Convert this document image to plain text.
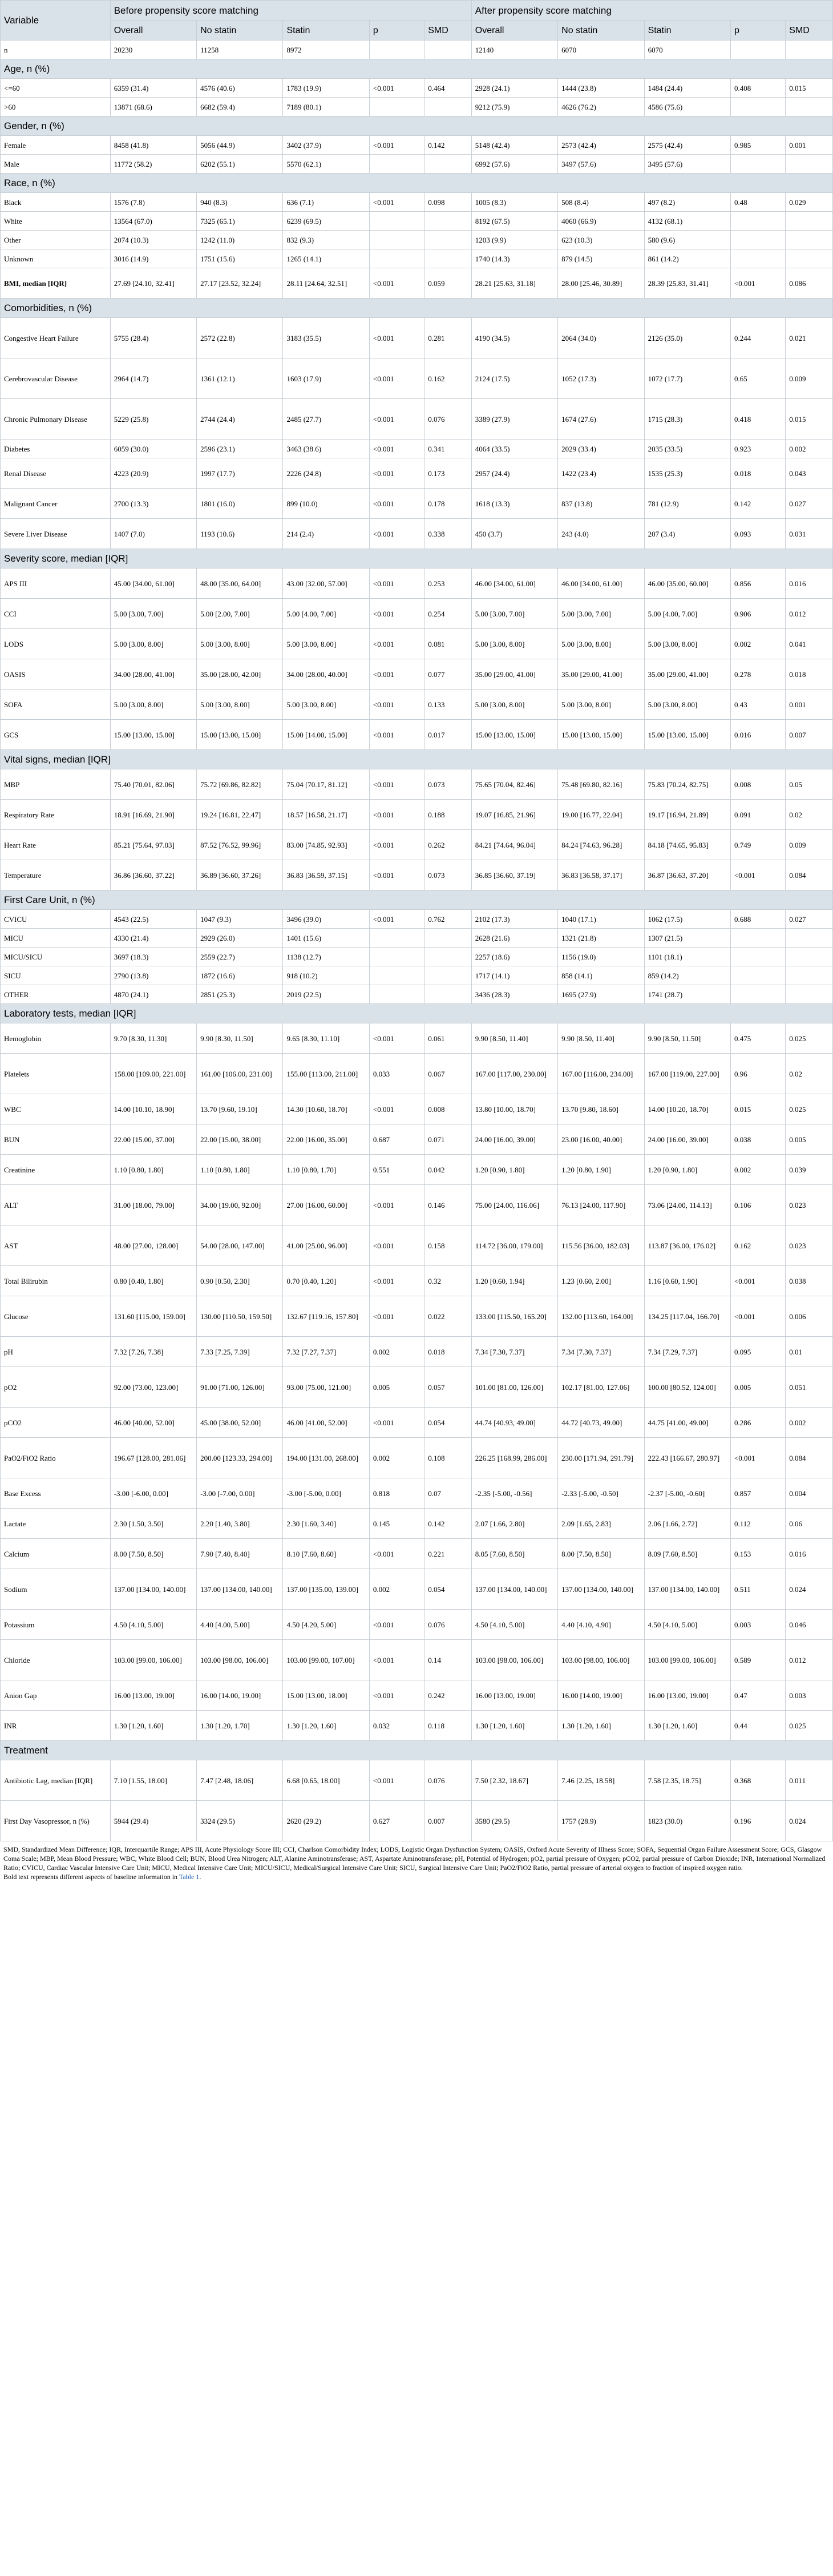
Variable	Before propensity score matching					After propensity score matching				
	Overall	No statin	Statin	p	SMD	Overall	No statin	Statin	p	SMD
n	20230	11258	8972			12140	6070	6070		
Age, n (%)										
<=60	6359 (31.4)	4576 (40.6)	1783 (19.9)	<0.001	0.464	2928 (24.1)	1444 (23.8)	1484 (24.4)	0.408	0.015
>60	13871 (68.6)	6682 (59.4)	7189 (80.1)			9212 (75.9)	4626 (76.2)	4586 (75.6)		
Gender, n (%)										
Female	8458 (41.8)	5056 (44.9)	3402 (37.9)	<0.001	0.142	5148 (42.4)	2573 (42.4)	2575 (42.4)	0.985	0.001
Male	11772 (58.2)	6202 (55.1)	5570 (62.1)			6992 (57.6)	3497 (57.6)	3495 (57.6)		
Race, n (%)										
Black	1576 (7.8)	940 (8.3)	636 (7.1)	<0.001	0.098	1005 (8.3)	508 (8.4)	497 (8.2)	0.48	0.029
White	13564 (67.0)	7325 (65.1)	6239 (69.5)			8192 (67.5)	4060 (66.9)	4132 (68.1)		
Other	2074 (10.3)	1242 (11.0)	832 (9.3)			1203 (9.9)	623 (10.3)	580 (9.6)		
Unknown	3016 (14.9)	1751 (15.6)	1265 (14.1)			1740 (14.3)	879 (14.5)	861 (14.2)		
BMI, median [IQR]	27.69 [24.10, 32.41]	27.17 [23.52, 32.24]	28.11 [24.64, 32.51]	<0.001	0.059	28.21 [25.63, 31.18]	28.00 [25.46, 30.89]	28.39 [25.83, 31.41]	<0.001	0.086
Comorbidities, n (%)										
Congestive Heart Failure	5755 (28.4)	2572 (22.8)	3183 (35.5)	<0.001	0.281	4190 (34.5)	2064 (34.0)	2126 (35.0)	0.244	0.021
Cerebrovascular Disease	2964 (14.7)	1361 (12.1)	1603 (17.9)	<0.001	0.162	2124 (17.5)	1052 (17.3)	1072 (17.7)	0.65	0.009
Chronic Pulmonary Disease	5229 (25.8)	2744 (24.4)	2485 (27.7)	<0.001	0.076	3389 (27.9)	1674 (27.6)	1715 (28.3)	0.418	0.015
Diabetes	6059 (30.0)	2596 (23.1)	3463 (38.6)	<0.001	0.341	4064 (33.5)	2029 (33.4)	2035 (33.5)	0.923	0.002
Renal Disease	4223 (20.9)	1997 (17.7)	2226 (24.8)	<0.001	0.173	2957 (24.4)	1422 (23.4)	1535 (25.3)	0.018	0.043
Malignant Cancer	2700 (13.3)	1801 (16.0)	899 (10.0)	<0.001	0.178	1618 (13.3)	837 (13.8)	781 (12.9)	0.142	0.027
Severe Liver Disease	1407 (7.0)	1193 (10.6)	214 (2.4)	<0.001	0.338	450 (3.7)	243 (4.0)	207 (3.4)	0.093	0.031
Severity score, median [IQR]										
APS III	45.00 [34.00, 61.00]	48.00 [35.00, 64.00]	43.00 [32.00, 57.00]	<0.001	0.253	46.00 [34.00, 61.00]	46.00 [34.00, 61.00]	46.00 [35.00, 60.00]	0.856	0.016
CCI	5.00 [3.00, 7.00]	5.00 [2.00, 7.00]	5.00 [4.00, 7.00]	<0.001	0.254	5.00 [3.00, 7.00]	5.00 [3.00, 7.00]	5.00 [4.00, 7.00]	0.906	0.012
LODS	5.00 [3.00, 8.00]	5.00 [3.00, 8.00]	5.00 [3.00, 8.00]	<0.001	0.081	5.00 [3.00, 8.00]	5.00 [3.00, 8.00]	5.00 [3.00, 8.00]	0.002	0.041
OASIS	34.00 [28.00, 41.00]	35.00 [28.00, 42.00]	34.00 [28.00, 40.00]	<0.001	0.077	35.00 [29.00, 41.00]	35.00 [29.00, 41.00]	35.00 [29.00, 41.00]	0.278	0.018
SOFA	5.00 [3.00, 8.00]	5.00 [3.00, 8.00]	5.00 [3.00, 8.00]	<0.001	0.133	5.00 [3.00, 8.00]	5.00 [3.00, 8.00]	5.00 [3.00, 8.00]	0.43	0.001
GCS	15.00 [13.00, 15.00]	15.00 [13.00, 15.00]	15.00 [14.00, 15.00]	<0.001	0.017	15.00 [13.00, 15.00]	15.00 [13.00, 15.00]	15.00 [13.00, 15.00]	0.016	0.007
Vital signs, median [IQR]										
MBP	75.40 [70.01, 82.06]	75.72 [69.86, 82.82]	75.04 [70.17, 81.12]	<0.001	0.073	75.65 [70.04, 82.46]	75.48 [69.80, 82.16]	75.83 [70.24, 82.75]	0.008	0.05
Respiratory Rate	18.91 [16.69, 21.90]	19.24 [16.81, 22.47]	18.57 [16.58, 21.17]	<0.001	0.188	19.07 [16.85, 21.96]	19.00 [16.77, 22.04]	19.17 [16.94, 21.89]	0.091	0.02
Heart Rate	85.21 [75.64, 97.03]	87.52 [76.52, 99.96]	83.00 [74.85, 92.93]	<0.001	0.262	84.21 [74.64, 96.04]	84.24 [74.63, 96.28]	84.18 [74.65, 95.83]	0.749	0.009
Temperature	36.86 [36.60, 37.22]	36.89 [36.60, 37.26]	36.83 [36.59, 37.15]	<0.001	0.073	36.85 [36.60, 37.19]	36.83 [36.58, 37.17]	36.87 [36.63, 37.20]	<0.001	0.084
First Care Unit, n (%)										
CVICU	4543 (22.5)	1047 (9.3)	3496 (39.0)	<0.001	0.762	2102 (17.3)	1040 (17.1)	1062 (17.5)	0.688	0.027
MICU	4330 (21.4)	2929 (26.0)	1401 (15.6)			2628 (21.6)	1321 (21.8)	1307 (21.5)		
MICU/SICU	3697 (18.3)	2559 (22.7)	1138 (12.7)			2257 (18.6)	1156 (19.0)	1101 (18.1)		
SICU	2790 (13.8)	1872 (16.6)	918 (10.2)			1717 (14.1)	858 (14.1)	859 (14.2)		
OTHER	4870 (24.1)	2851 (25.3)	2019 (22.5)			3436 (28.3)	1695 (27.9)	1741 (28.7)		
Laboratory tests, median [IQR]										
Hemoglobin	9.70 [8.30, 11.30]	9.90 [8.30, 11.50]	9.65 [8.30, 11.10]	<0.001	0.061	9.90 [8.50, 11.40]	9.90 [8.50, 11.40]	9.90 [8.50, 11.50]	0.475	0.025
Platelets	158.00 [109.00, 221.00]	161.00 [106.00, 231.00]	155.00 [113.00, 211.00]	0.033	0.067	167.00 [117.00, 230.00]	167.00 [116.00, 234.00]	167.00 [119.00, 227.00]	0.96	0.02
WBC	14.00 [10.10, 18.90]	13.70 [9.60, 19.10]	14.30 [10.60, 18.70]	<0.001	0.008	13.80 [10.00, 18.70]	13.70 [9.80, 18.60]	14.00 [10.20, 18.70]	0.015	0.025
BUN	22.00 [15.00, 37.00]	22.00 [15.00, 38.00]	22.00 [16.00, 35.00]	0.687	0.071	24.00 [16.00, 39.00]	23.00 [16.00, 40.00]	24.00 [16.00, 39.00]	0.038	0.005
Creatinine	1.10 [0.80, 1.80]	1.10 [0.80, 1.80]	1.10 [0.80, 1.70]	0.551	0.042	1.20 [0.90, 1.80]	1.20 [0.80, 1.90]	1.20 [0.90, 1.80]	0.002	0.039
ALT	31.00 [18.00, 79.00]	34.00 [19.00, 92.00]	27.00 [16.00, 60.00]	<0.001	0.146	75.00 [24.00, 116.06]	76.13 [24.00, 117.90]	73.06 [24.00, 114.13]	0.106	0.023
AST	48.00 [27.00, 128.00]	54.00 [28.00, 147.00]	41.00 [25.00, 96.00]	<0.001	0.158	114.72 [36.00, 179.00]	115.56 [36.00, 182.03]	113.87 [36.00, 176.02]	0.162	0.023
Total Bilirubin	0.80 [0.40, 1.80]	0.90 [0.50, 2.30]	0.70 [0.40, 1.20]	<0.001	0.32	1.20 [0.60, 1.94]	1.23 [0.60, 2.00]	1.16 [0.60, 1.90]	<0.001	0.038
Glucose	131.60 [115.00, 159.00]	130.00 [110.50, 159.50]	132.67 [119.16, 157.80]	<0.001	0.022	133.00 [115.50, 165.20]	132.00 [113.60, 164.00]	134.25 [117.04, 166.70]	<0.001	0.006
pH	7.32 [7.26, 7.38]	7.33 [7.25, 7.39]	7.32 [7.27, 7.37]	0.002	0.018	7.34 [7.30, 7.37]	7.34 [7.30, 7.37]	7.34 [7.29, 7.37]	0.095	0.01
pO2	92.00 [73.00, 123.00]	91.00 [71.00, 126.00]	93.00 [75.00, 121.00]	0.005	0.057	101.00 [81.00, 126.00]	102.17 [81.00, 127.06]	100.00 [80.52, 124.00]	0.005	0.051
pCO2	46.00 [40.00, 52.00]	45.00 [38.00, 52.00]	46.00 [41.00, 52.00]	<0.001	0.054	44.74 [40.93, 49.00]	44.72 [40.73, 49.00]	44.75 [41.00, 49.00]	0.286	0.002
PaO2/FiO2 Ratio	196.67 [128.00, 281.06]	200.00 [123.33, 294.00]	194.00 [131.00, 268.00]	0.002	0.108	226.25 [168.99, 286.00]	230.00 [171.94, 291.79]	222.43 [166.67, 280.97]	<0.001	0.084
Base Excess	-3.00 [-6.00, 0.00]	-3.00 [-7.00, 0.00]	-3.00 [-5.00, 0.00]	0.818	0.07	-2.35 [-5.00, -0.56]	-2.33 [-5.00, -0.50]	-2.37 [-5.00, -0.60]	0.857	0.004
Lactate	2.30 [1.50, 3.50]	2.20 [1.40, 3.80]	2.30 [1.60, 3.40]	0.145	0.142	2.07 [1.66, 2.80]	2.09 [1.65, 2.83]	2.06 [1.66, 2.72]	0.112	0.06
Calcium	8.00 [7.50, 8.50]	7.90 [7.40, 8.40]	8.10 [7.60, 8.60]	<0.001	0.221	8.05 [7.60, 8.50]	8.00 [7.50, 8.50]	8.09 [7.60, 8.50]	0.153	0.016
Sodium	137.00 [134.00, 140.00]	137.00 [134.00, 140.00]	137.00 [135.00, 139.00]	0.002	0.054	137.00 [134.00, 140.00]	137.00 [134.00, 140.00]	137.00 [134.00, 140.00]	0.511	0.024
Potassium	4.50 [4.10, 5.00]	4.40 [4.00, 5.00]	4.50 [4.20, 5.00]	<0.001	0.076	4.50 [4.10, 5.00]	4.40 [4.10, 4.90]	4.50 [4.10, 5.00]	0.003	0.046
Chloride	103.00 [99.00, 106.00]	103.00 [98.00, 106.00]	103.00 [99.00, 107.00]	<0.001	0.14	103.00 [98.00, 106.00]	103.00 [98.00, 106.00]	103.00 [99.00, 106.00]	0.589	0.012
Anion Gap	16.00 [13.00, 19.00]	16.00 [14.00, 19.00]	15.00 [13.00, 18.00]	<0.001	0.242	16.00 [13.00, 19.00]	16.00 [14.00, 19.00]	16.00 [13.00, 19.00]	0.47	0.003
INR	1.30 [1.20, 1.60]	1.30 [1.20, 1.70]	1.30 [1.20, 1.60]	0.032	0.118	1.30 [1.20, 1.60]	1.30 [1.20, 1.60]	1.30 [1.20, 1.60]	0.44	0.025
Treatment										
Antibiotic Lag, median [IQR]	7.10 [1.55, 18.00]	7.47 [2.48, 18.06]	6.68 [0.65, 18.00]	<0.001	0.076	7.50 [2.32, 18.67]	7.46 [2.25, 18.58]	7.58 [2.35, 18.75]	0.368	0.011
First Day Vasopressor, n (%)	5944 (29.4)	3324 (29.5)	2620 (29.2)	0.627	0.007	3580 (29.5)	1757 (28.9)	1823 (30.0)	0.196	0.024
SMD, Standardized Mean Difference; IQR, Interquartile Range; APS III, Acute Physiology Score III; CCI, Charlson Comorbidity Index; LODS, Logistic Organ Dysfunction System; OASIS, Oxford Acute Severity of Illness Score; SOFA, Sequential Organ Failure Assessment Score; GCS, Glasgow Coma Scale; MBP, Mean Blood Pressure; WBC, White Blood Cell; BUN, Blood Urea Nitrogen; ALT, Alanine Aminotransferase; AST, Aspartate Aminotransferase; pH, Potential of Hydrogen; pO2, partial pressure of Oxygen; pCO2, partial pressure of Carbon Dioxide; INR, International Normalized Ratio; CVICU, Cardiac Vascular Intensive Care Unit; MICU, Medical Intensive Care Unit; MICU/SICU, Medical/Surgical Intensive Care Unit; SICU, Surgical Intensive Care Unit; PaO2/FiO2 Ratio, partial pressure of arterial oxygen to fraction of inspired oxygen ratio.
Bold text represents different aspects of baseline information in Table 1.
